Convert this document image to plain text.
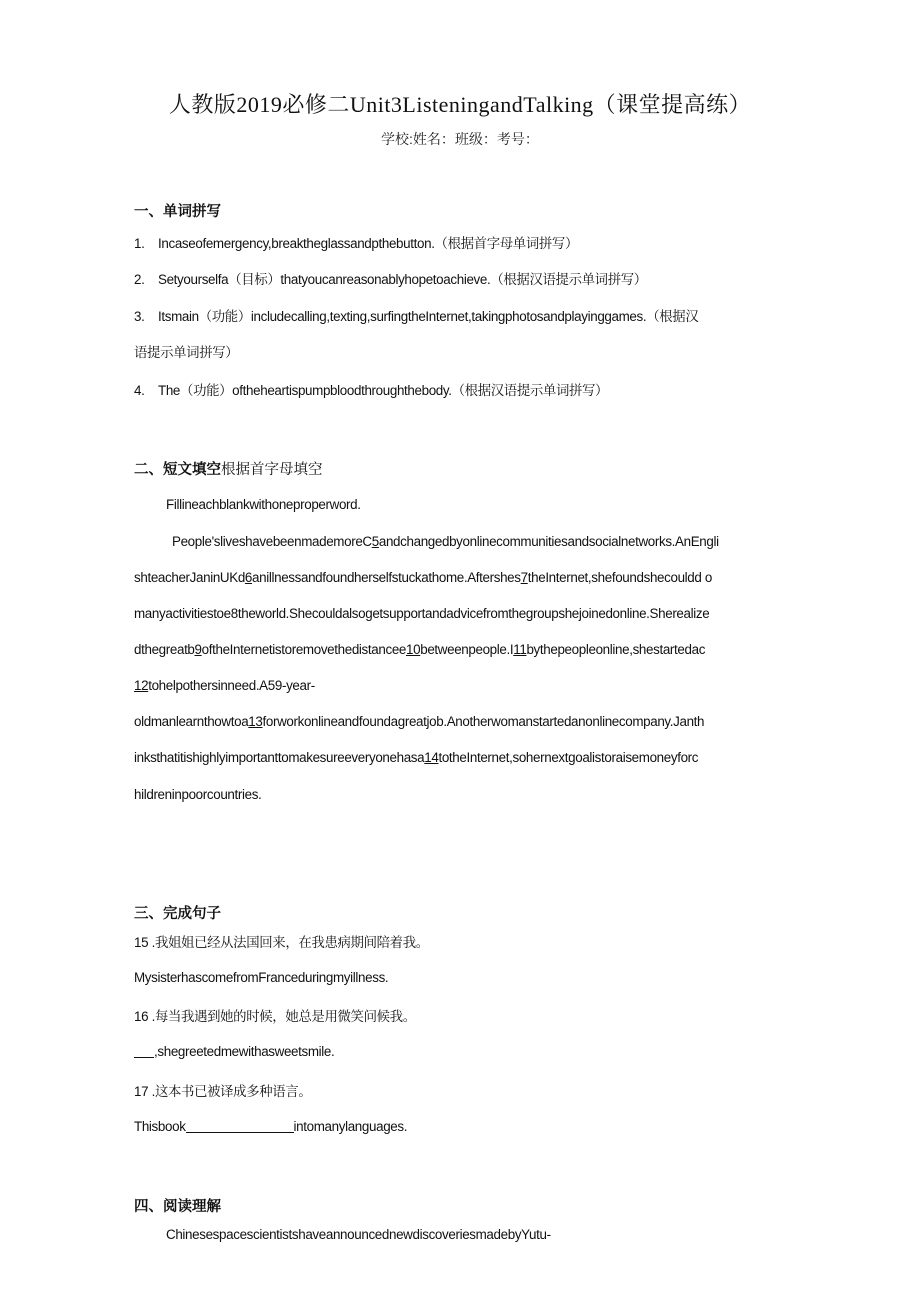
人教版2019必修二Unit3ListeningandTalking（课堂提高练）
学校:姓名：班级：考号：
一、单词拼写
1. Incaseofemergency,breaktheglassandpthebutton.（根据首字母单词拼写）
2. Setyourselfa（目标）thatyoucanreasonablyhopetoachieve.（根据汉语提示单词拼写）
3. Itsmain（功能）includecalling,texting,surfingtheInternet,takingphotosandplayinggames.（根据汉
语提示单词拼写）
4. The（功能）oftheheartispumpbloodthroughthebody.（根据汉语提示单词拼写）
二、短文填空根据首字母填空
Fillineachblankwithoneproperword.
People'sliveshavebeenmademoreC5andchangedbyonlinecommunitiesandsocialnetworks.AnEngli
shteacherJaninUKd6anillnessandfoundherselfstuckathome.Aftershes7theInternet,shefoundshecouldd o
manyactivitiestoe8theworld.Shecouldalsogetsupportandadvicefromthegroupshejoinedonline.Sherealize
dthegreatb9oftheInternetistoremovethedistancee10betweenpeople.I11bythepeopleonline,shestartedac
12tohelpothersinneed.A59-year-
oldmanlearnthowtoa13forworkonlineandfoundagreatjob.Anotherwomanstartedanonlinecompany.Janth
inksthatitishighlyimportanttomakesureeveryonehasa14totheInternet,sohernextgoalistoraisemoneyforc
hildreninpoorcountries.
三、完成句子
15 .我姐姐已经从法国回来，在我患病期间陪着我。
MysisterhascomefromFranceduringmyillness.
16 .每当我遇到她的时候，她总是用微笑问候我。
,shegreetedmewithasweetsmile.
17 .这本书已被译成多种语言。
Thisbook	intomanylanguages.
四、阅读理解
ChinesespacescientistshaveannouncednewdiscoveriesmadebyYutu-
